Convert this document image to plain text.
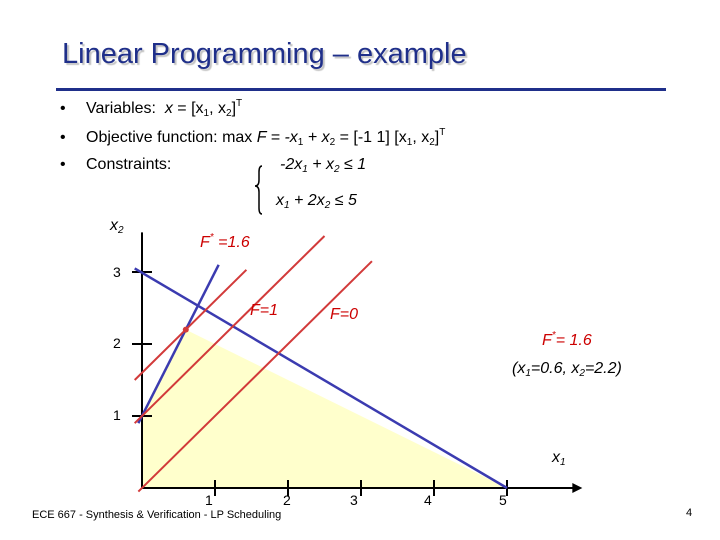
Linear Programming – example
• Variables: $x = [x_1$, $x_2]^T$
• Objective function: $\max F = -x_1 + x_2 = [-1$ 1] [$x_1$, $x_2]^T$
• Constraints:	$-2x_1 + x_2 \le 1$
$x_1 + 2x_2 \le 5$
$x_2$
$x_1$
3
2
1
1	2	3	4	5
F* =1.6
F=1	F=0
F*= 1.6
($x_1=0.6$, $x_2=2.2$)
ECE 667 - Synthesis & Verification - LP Scheduling	4
